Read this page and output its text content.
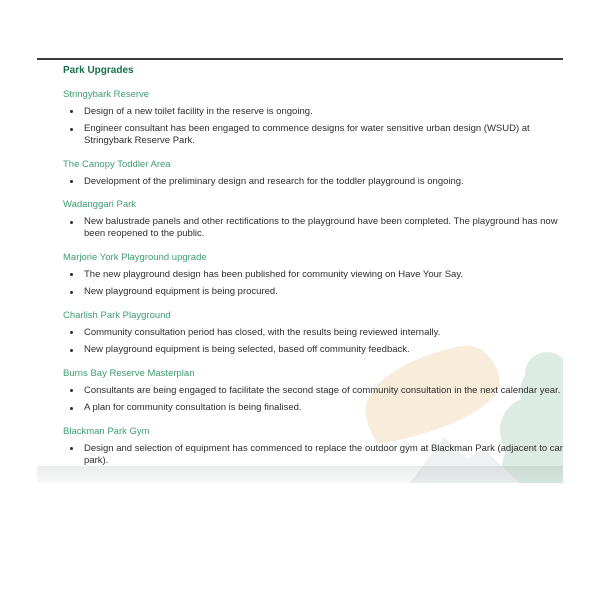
Park Upgrades
Stringybark Reserve
Design of a new toilet facility in the reserve is ongoing.
Engineer consultant has been engaged to commence designs for water sensitive urban design (WSUD) at Stringybark Reserve Park.
The Canopy Toddler Area
Development of the preliminary design and research for the toddler playground is ongoing.
Wadanggari Park
New balustrade panels and other rectifications to the playground have been completed. The playground has now been reopened to the public.
Marjorie York Playground upgrade
The new playground design has been published for community viewing on Have Your Say.
New playground equipment is being procured.
Charlish Park Playground
Community consultation period has closed, with the results being reviewed internally.
New playground equipment is being selected, based off community feedback.
Burns Bay Reserve Masterplan
Consultants are being engaged to facilitate the second stage of community consultation in the next calendar year.
A plan for community consultation is being finalised.
Blackman Park Gym
Design and selection of equipment has commenced to replace the outdoor gym at Blackman Park (adjacent to car park).
